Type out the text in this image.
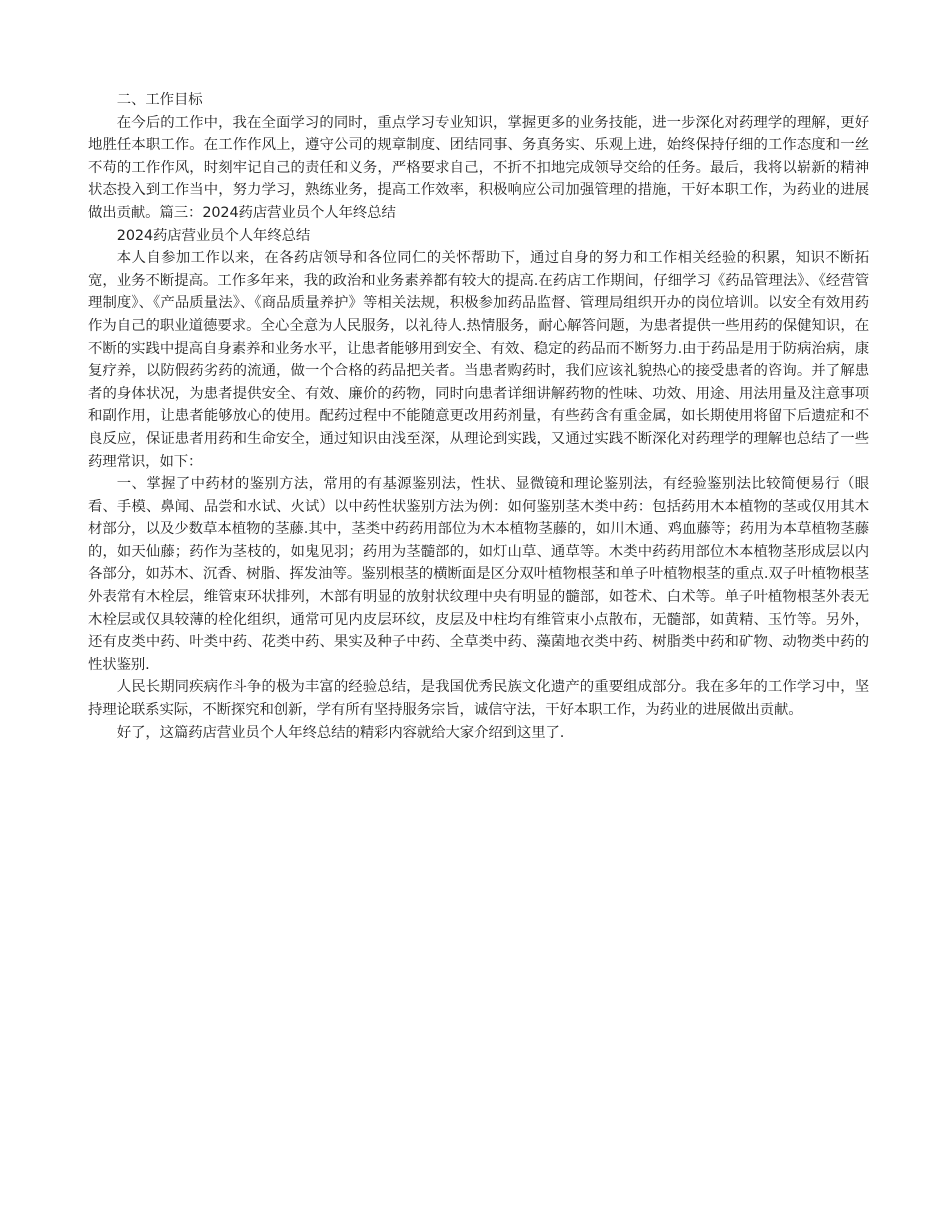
二、工作目标

在今后的工作中，我在全面学习的同时，重点学习专业知识，掌握更多的业务技能，进一步深化对药理学的理解，更好地胜任本职工作。在工作作风上，遵守公司的规章制度、团结同事、务真务实、乐观上进，始终保持仔细的工作态度和一丝不苟的工作作风，时刻牢记自己的责任和义务，严格要求自己，不折不扣地完成领导交给的任务。最后，我将以崭新的精神状态投入到工作当中，努力学习，熟练业务，提高工作效率，积极响应公司加强管理的措施，干好本职工作，为药业的进展做出贡献。篇三：2024药店营业员个人年终总结

2024药店营业员个人年终总结

本人自参加工作以来，在各药店领导和各位同仁的关怀帮助下，通过自身的努力和工作相关经验的积累，知识不断拓宽，业务不断提高。工作多年来，我的政治和业务素养都有较大的提高.在药店工作期间，仔细学习《药品管理法》、《经营管理制度》、《产品质量法》、《商品质量养护》等相关法规，积极参加药品监督、管理局组织开办的岗位培训。以安全有效用药作为自己的职业道德要求。全心全意为人民服务，以礼待人.热情服务，耐心解答问题，为患者提供一些用药的保健知识，在不断的实践中提高自身素养和业务水平，让患者能够用到安全、有效、稳定的药品而不断努力.由于药品是用于防病治病，康复疗养，以防假药劣药的流通，做一个合格的药品把关者。当患者购药时，我们应该礼貌热心的接受患者的咨询。并了解患者的身体状况，为患者提供安全、有效、廉价的药物，同时向患者详细讲解药物的性味、功效、用途、用法用量及注意事项和副作用，让患者能够放心的使用。配药过程中不能随意更改用药剂量，有些药含有重金属，如长期使用将留下后遗症和不良反应，保证患者用药和生命安全，通过知识由浅至深，从理论到实践，又通过实践不断深化对药理学的理解也总结了一些药理常识，如下：

一、掌握了中药材的鉴别方法，常用的有基源鉴别法，性状、显微镜和理论鉴别法，有经验鉴别法比较简便易行（眼看、手模、鼻闻、品尝和水试、火试）以中药性状鉴别方法为例：如何鉴别茎木类中药：包括药用木本植物的茎或仅用其木材部分，以及少数草本植物的茎藤.其中，茎类中药药用部位为木本植物茎藤的，如川木通、鸡血藤等；药用为本草植物茎藤的，如天仙藤；药作为茎枝的，如鬼见羽；药用为茎髓部的，如灯山草、通草等。木类中药药用部位木本植物茎形成层以内各部分，如苏木、沉香、树脂、挥发油等。鉴别根茎的横断面是区分双叶植物根茎和单子叶植物根茎的重点.双子叶植物根茎外表常有木栓层，维管束环状排列，木部有明显的放射状纹理中央有明显的髓部，如苍术、白术等。单子叶植物根茎外表无木栓层或仅具较薄的栓化组织，通常可见内皮层环纹，皮层及中柱均有维管束小点散布，无髓部，如黄精、玉竹等。另外，还有皮类中药、叶类中药、花类中药、果实及种子中药、全草类中药、藻菌地衣类中药、树脂类中药和矿物、动物类中药的性状鉴别.

人民长期同疾病作斗争的极为丰富的经验总结，是我国优秀民族文化遗产的重要组成部分。我在多年的工作学习中，坚持理论联系实际，不断探究和创新，学有所有坚持服务宗旨，诚信守法，干好本职工作，为药业的进展做出贡献。

好了，这篇药店营业员个人年终总结的精彩内容就给大家介绍到这里了.
